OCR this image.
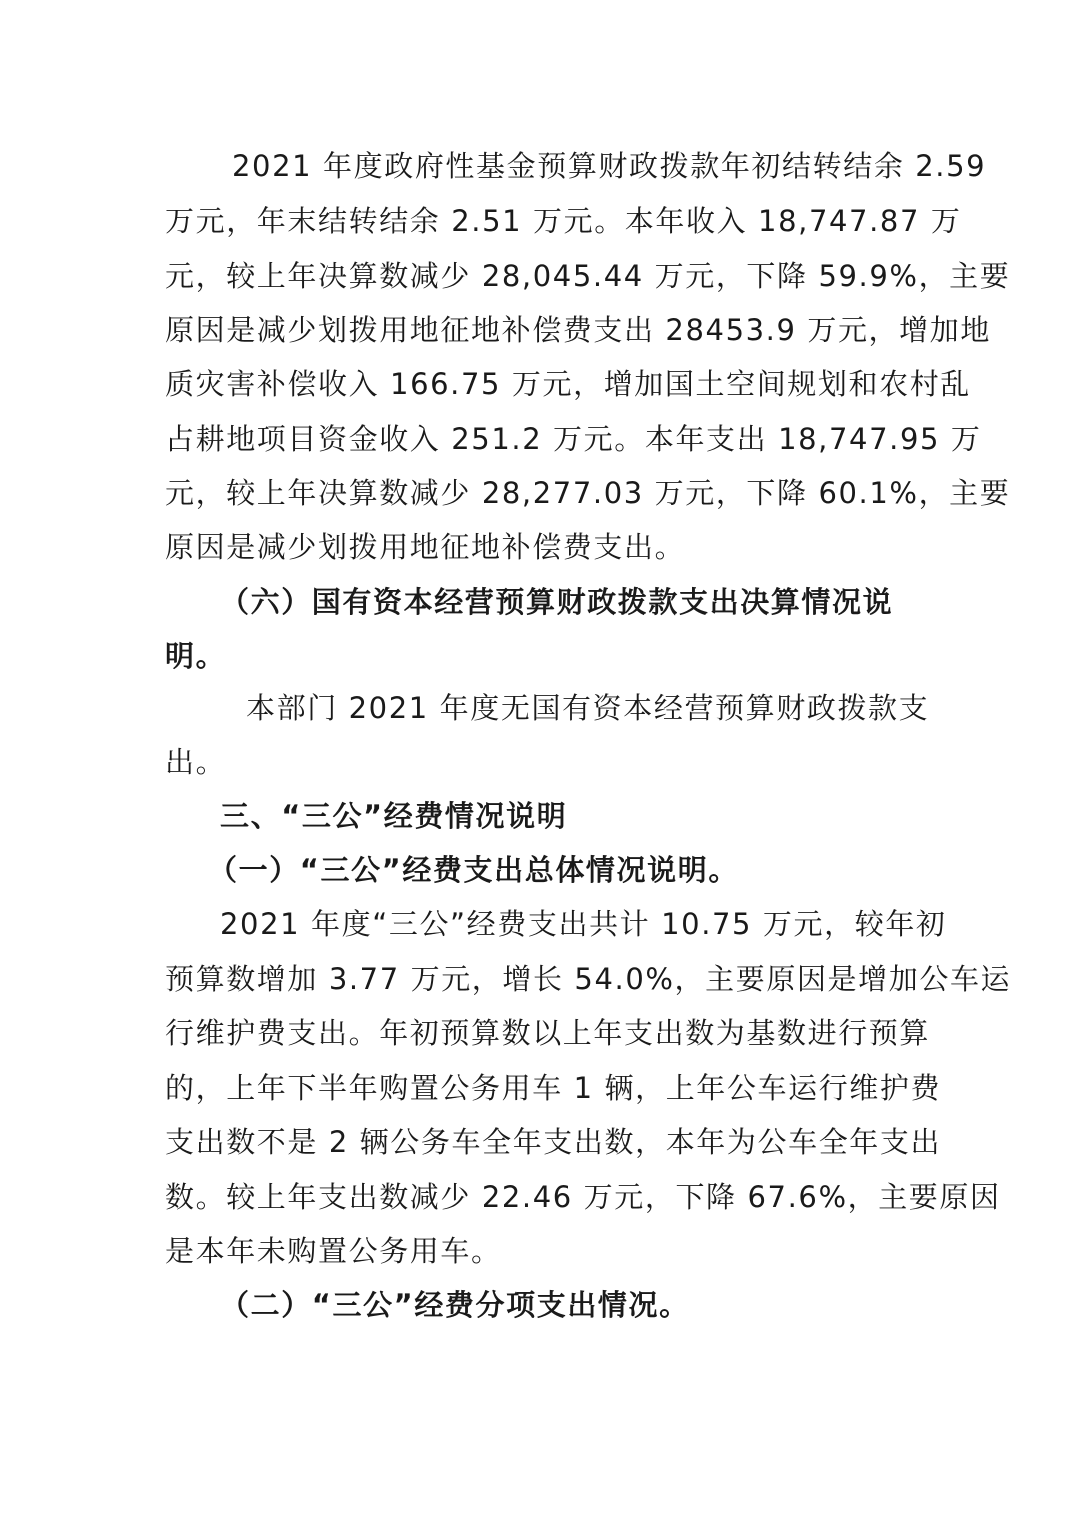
2021 年度政府性基金预算财政拨款年初结转结余 2.59
万元，年末结转结余 2.51 万元。本年收入 18,747.87 万
元，较上年决算数减少 28,045.44 万元，下降 59.9%，主要
原因是减少划拨用地征地补偿费支出 28453.9 万元，增加地
质灾害补偿收入 166.75 万元，增加国土空间规划和农村乱
占耕地项目资金收入 251.2 万元。本年支出 18,747.95 万
元，较上年决算数减少 28,277.03 万元，下降 60.1%，主要
原因是减少划拨用地征地补偿费支出。
（六）国有资本经营预算财政拨款支出决算情况说
明。
本部门 2021 年度无国有资本经营预算财政拨款支
出。
三、“三公”经费情况说明
（一）“三公”经费支出总体情况说明。
2021 年度“三公”经费支出共计 10.75 万元，较年初
预算数增加 3.77 万元，增长 54.0%，主要原因是增加公车运
行维护费支出。年初预算数以上年支出数为基数进行预算
的，上年下半年购置公务用车 1 辆，上年公车运行维护费
支出数不是 2 辆公务车全年支出数，本年为公车全年支出
数。较上年支出数减少 22.46 万元，下降 67.6%，主要原因
是本年未购置公务用车。
（二）“三公”经费分项支出情况。
